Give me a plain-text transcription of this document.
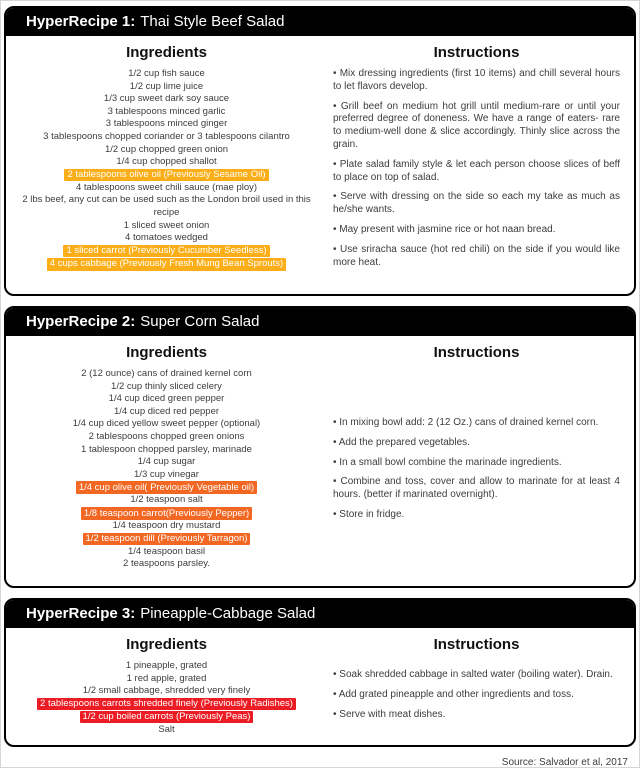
HyperRecipe 1: Thai Style Beef Salad
Ingredients
1/2 cup fish sauce
1/2 cup lime juice
1/3 cup sweet dark soy sauce
3 tablespoons minced garlic
3 tablespoons minced ginger
3 tablespoons chopped coriander or 3 tablespoons cilantro
1/2 cup chopped green onion
1/4 cup chopped shallot
2 tablespoons olive oil (Previously Sesame Oil)
4 tablespoons sweet chili sauce (mae ploy)
2 lbs beef, any cut can be used such as the London broil used in this recipe
1 sliced sweet onion
4 tomatoes wedged
1 sliced carrot (Previously Cucumber Seedless)
4 cups cabbage (Previously Fresh Mung Bean Sprouts)
Instructions

• Mix dressing ingredients (first 10 items) and chill several hours to let flavors develop.

• Grill beef on medium hot grill until medium-rare or until your preferred degree of doneness. We have a range of eaters- rare to medium-well done & slice accordingly. Thinly slice across the grain.

• Plate salad family style & let each person choose slices of beff to place on top of salad.

• Serve with dressing on the side so each my take as much as he/she wants.

• May present with jasmine rice or hot naan bread.

• Use sriracha sauce (hot red chili) on the side if you would like more heat.

HyperRecipe 2: Super Corn Salad
Ingredients
2 (12 ounce) cans of drained kernel corn
1/2 cup thinly sliced celery
1/4 cup diced green pepper
1/4 cup diced red pepper
1/4 cup diced yellow sweet pepper (optional)
2 tablespoons chopped green onions
1 tablespoon chopped parsley, marinade
1/4 cup sugar
1/3 cup vinegar
1/4 cup olive oil( Previously Vegetable oil)
1/2 teaspoon salt
1/8 teaspoon carrot(Previously Pepper)
1/4 teaspoon dry mustard
1/2 teaspoon dill (Previously Tarragon)
1/4 teaspoon basil
2 teaspoons parsley.
Instructions

• In mixing bowl add: 2 (12 Oz.) cans of drained kernel corn.

• Add the prepared vegetables.

• In a small bowl combine the marinade ingredients.

• Combine and toss, cover and allow to marinate for at least 4 hours. (better if marinated overnight).

• Store in fridge.

HyperRecipe 3: Pineapple-Cabbage Salad
Ingredients
1 pineapple, grated
1 red apple, grated
1/2 small cabbage, shredded very finely
2 tablespoons carrots shredded finely (Previously Radishes)
1/2 cup boiled carrots (Previously Peas)
Salt
Instructions

• Soak shredded cabbage in salted water (boiling water). Drain.

• Add grated pineapple and other ingredients and toss.

• Serve with meat dishes.

Source: Salvador et al, 2017
